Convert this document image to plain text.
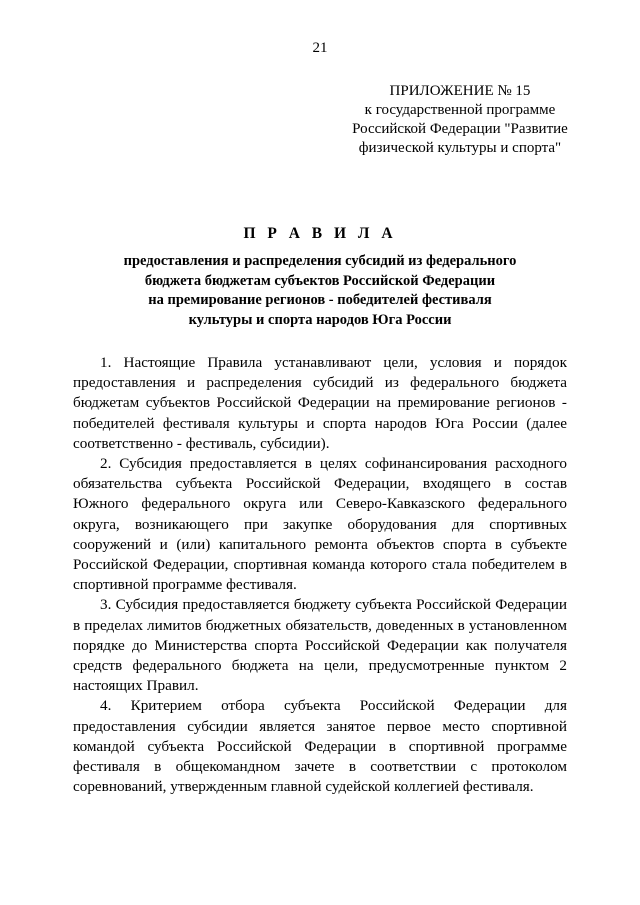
21
ПРИЛОЖЕНИЕ № 15
к государственной программе
Российской Федерации "Развитие
физической культуры и спорта"
П Р А В И Л А
предоставления и распределения субсидий из федерального
бюджета бюджетам субъектов Российской Федерации
на премирование регионов - победителей фестиваля
культуры и спорта народов Юга России

1. Настоящие Правила устанавливают цели, условия и порядок предоставления и распределения субсидий из федерального бюджета бюджетам субъектов Российской Федерации на премирование регионов - победителей фестиваля культуры и спорта народов Юга России (далее соответственно - фестиваль, субсидии).

2. Субсидия предоставляется в целях софинансирования расходного обязательства субъекта Российской Федерации, входящего в состав Южного федерального округа или Северо-Кавказского федерального округа, возникающего при закупке оборудования для спортивных сооружений и (или) капитального ремонта объектов спорта в субъекте Российской Федерации, спортивная команда которого стала победителем в спортивной программе фестиваля.

3. Субсидия предоставляется бюджету субъекта Российской Федерации в пределах лимитов бюджетных обязательств, доведенных в установленном порядке до Министерства спорта Российской Федерации как получателя средств федерального бюджета на цели, предусмотренные пунктом 2 настоящих Правил.

4. Критерием отбора субъекта Российской Федерации для предоставления субсидии является занятое первое место спортивной командой субъекта Российской Федерации в спортивной программе фестиваля в общекомандном зачете в соответствии с протоколом соревнований, утвержденным главной судейской коллегией фестиваля.
